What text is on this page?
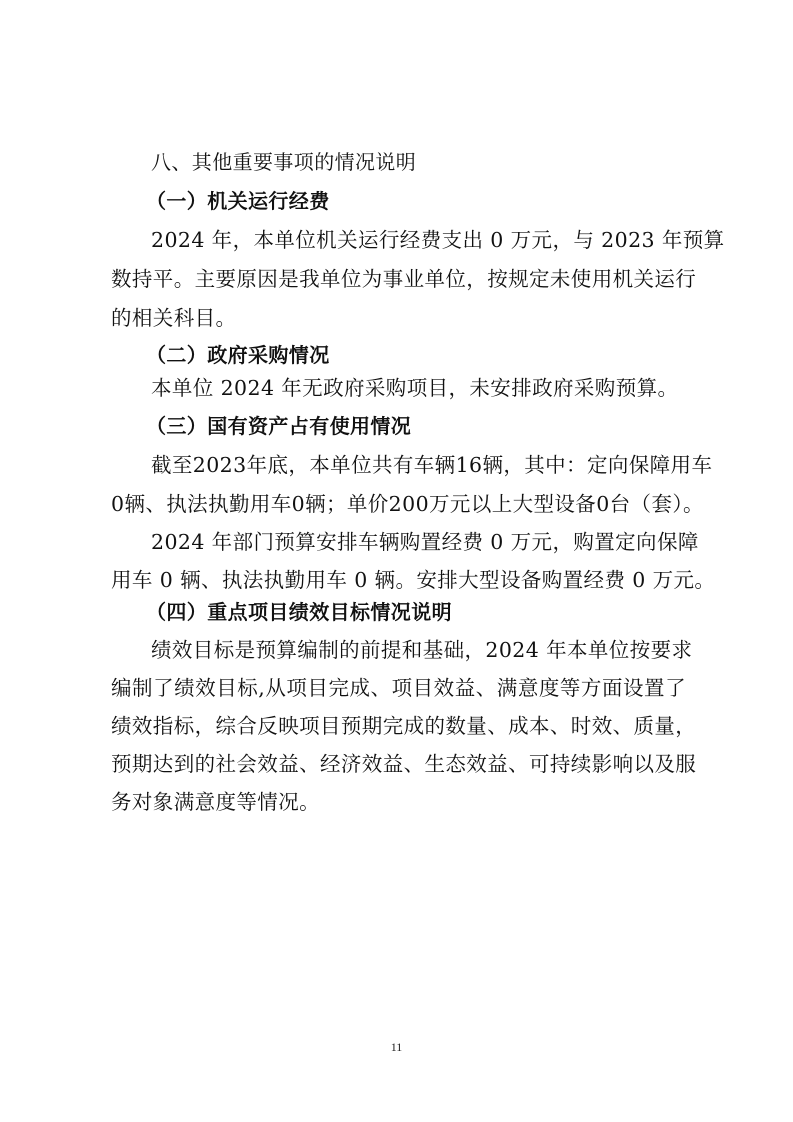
八、其他重要事项的情况说明
（一）机关运行经费
2024 年，本单位机关运行经费支出 0 万元，与 2023 年预算
数持平。主要原因是我单位为事业单位，按规定未使用机关运行
的相关科目。
（二）政府采购情况
本单位 2024 年无政府采购项目，未安排政府采购预算。
（三）国有资产占有使用情况
截至2023年底，本单位共有车辆16辆，其中：定向保障用车
0辆、执法执勤用车0辆；单价200万元以上大型设备0台（套）。
2024 年部门预算安排车辆购置经费 0 万元，购置定向保障
用车 0 辆、执法执勤用车 0 辆。安排大型设备购置经费 0 万元。
（四）重点项目绩效目标情况说明
绩效目标是预算编制的前提和基础，2024 年本单位按要求
编制了绩效目标,从项目完成、项目效益、满意度等方面设置了
绩效指标，综合反映项目预期完成的数量、成本、时效、质量，
预期达到的社会效益、经济效益、生态效益、可持续影响以及服
务对象满意度等情况。
11
